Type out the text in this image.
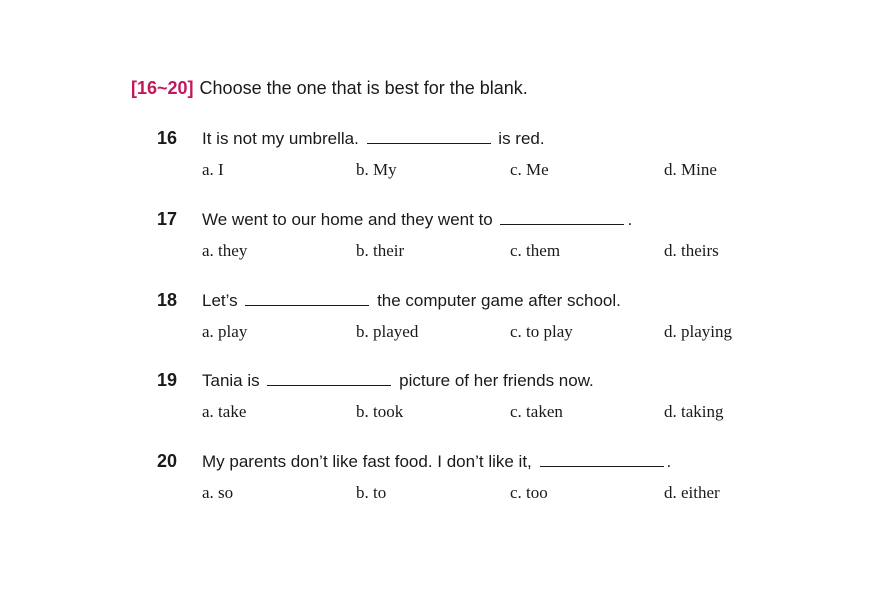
[16~20] Choose the one that is best for the blank.
16 It is not my umbrella.	is red.
a. I	b. My	c. Me	d. Mine
17 We went to our home and they went to	.
a. they	b. their	c. them	d. theirs
18 Let’s	the computer game after school.
a. play	b. played	c. to play	d. playing
19 Tania is	picture of her friends now.
a. take	b. took	c. taken	d. taking
20 My parents don’t like fast food. I don’t like it,	.
a. so	b. to	c. too	d. either
